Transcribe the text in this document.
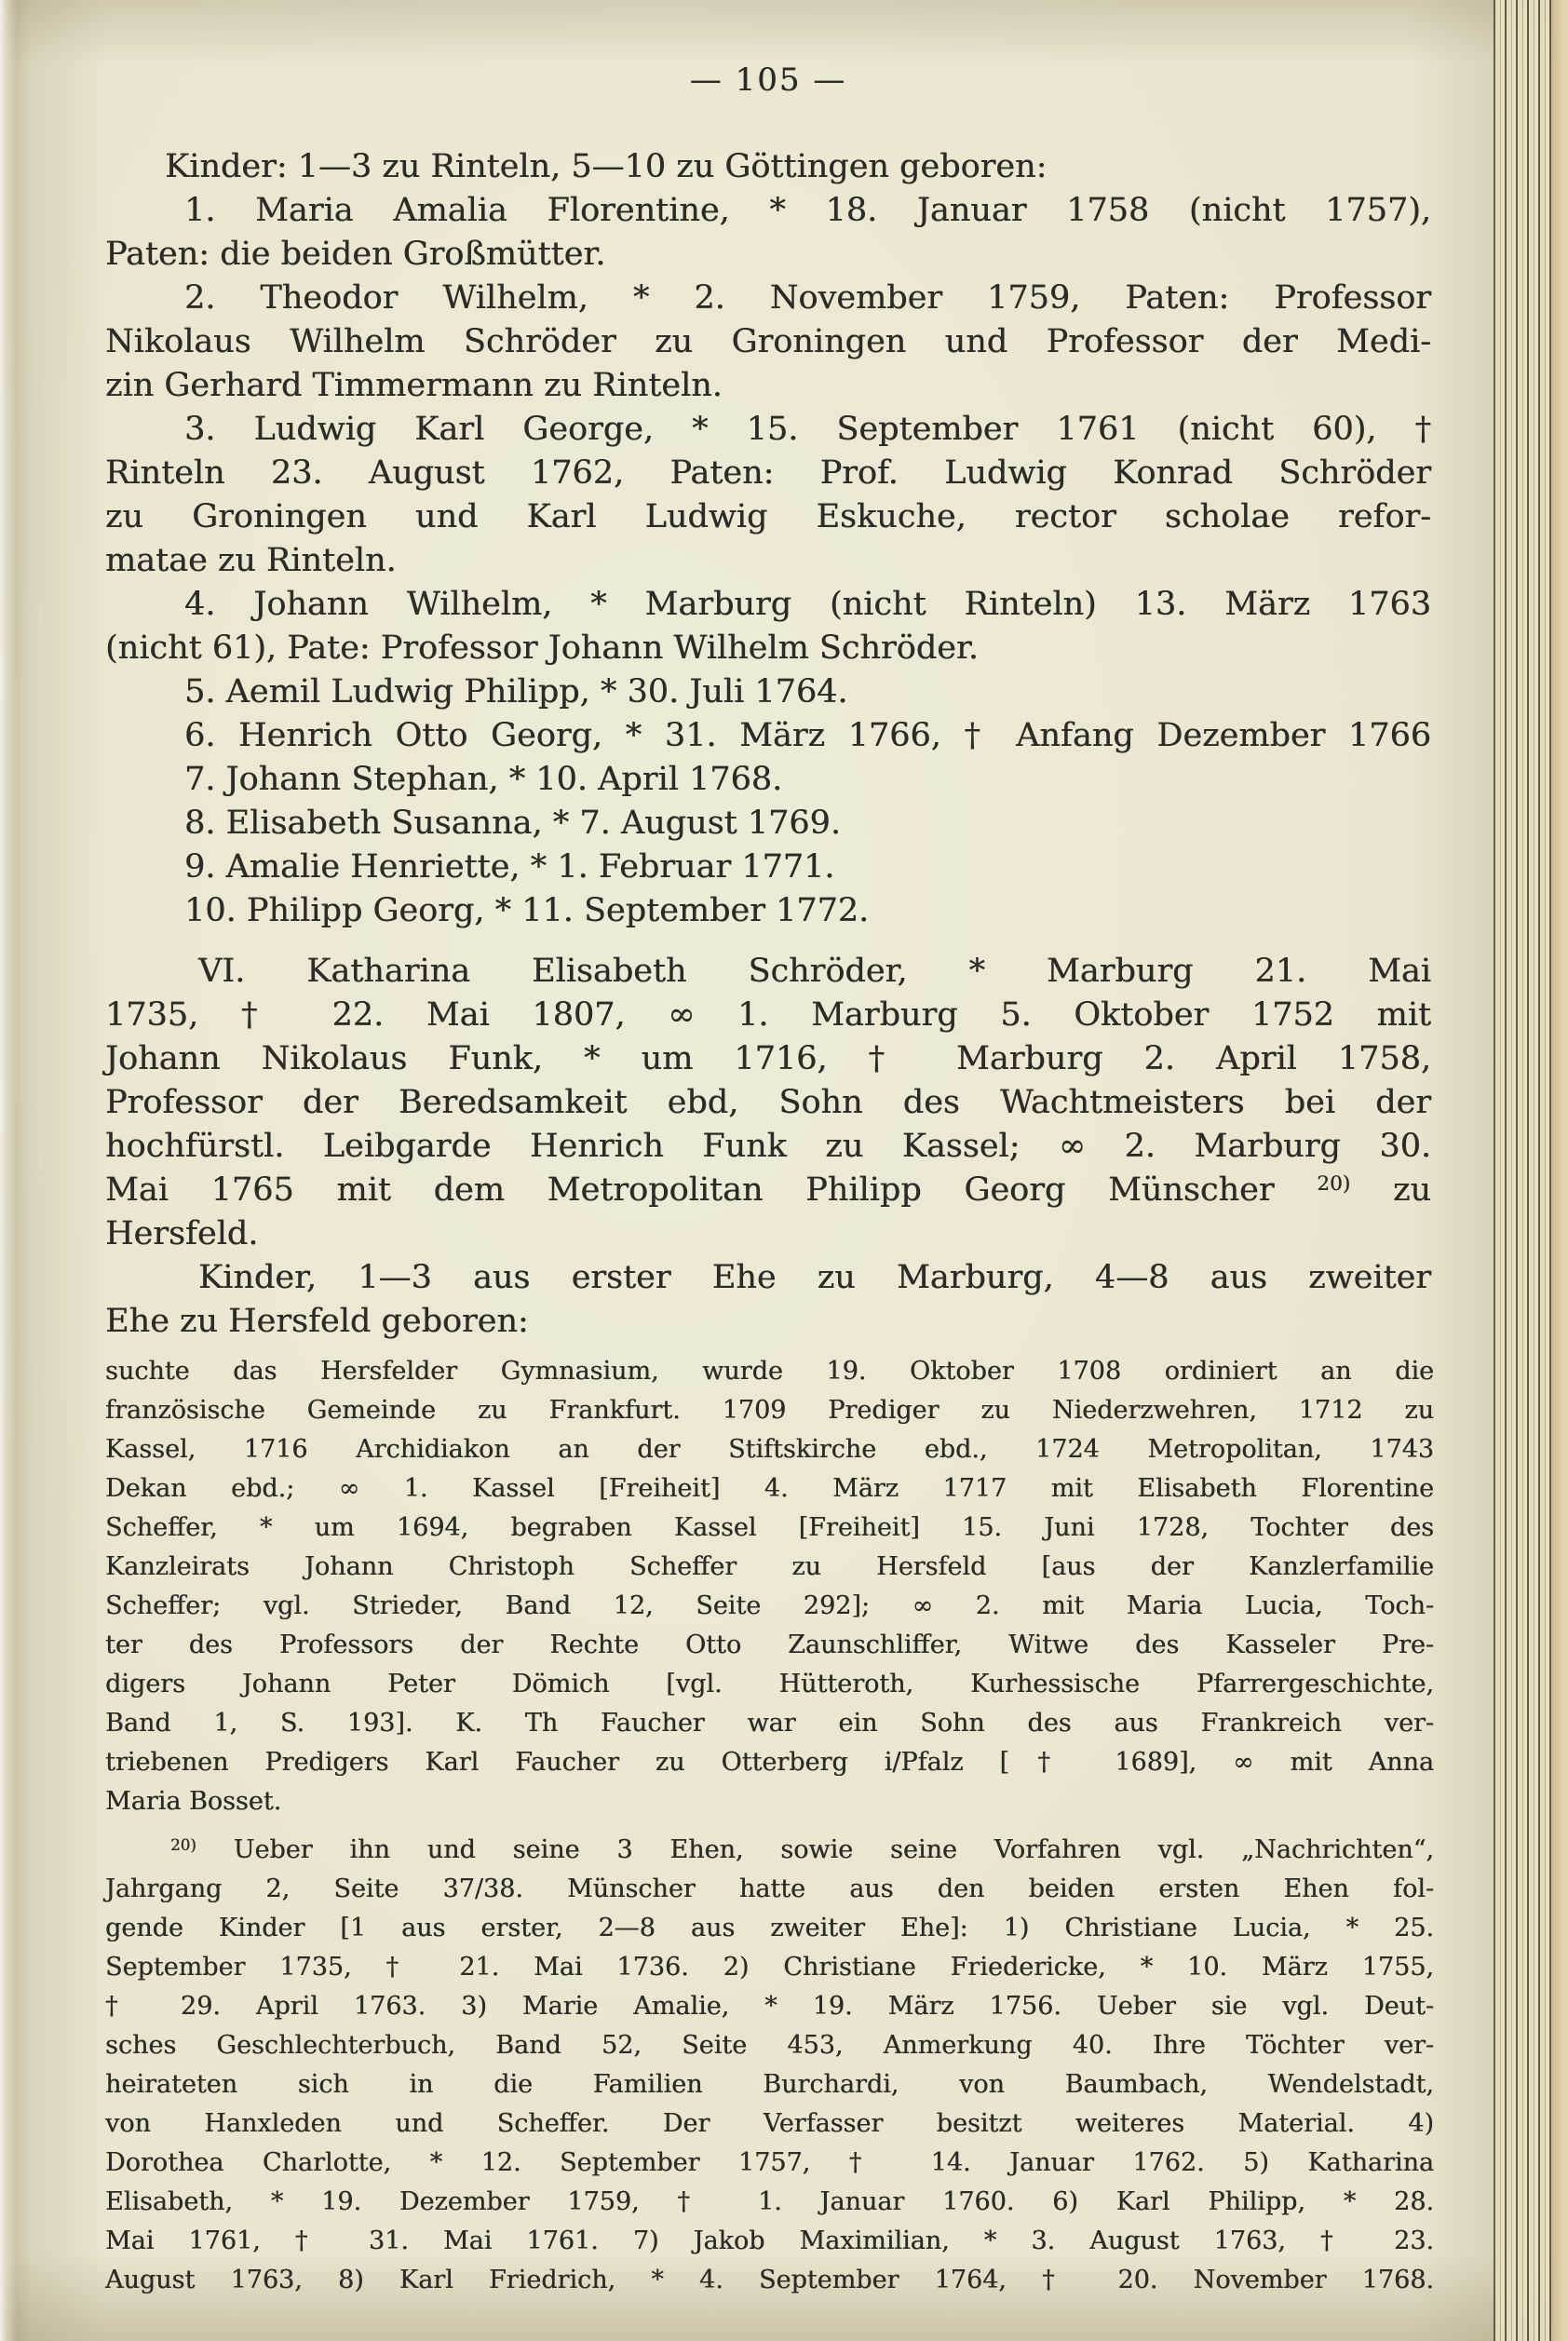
— 105 —
Kinder: 1—3 zu Rinteln, 5—10 zu Göttingen geboren:
1. Maria Amalia Florentine, * 18. Januar 1758 (nicht 1757),
Paten: die beiden Großmütter.
2. Theodor Wilhelm, * 2. November 1759, Paten: Professor
Nikolaus Wilhelm Schröder zu Groningen und Professor der Medi-
zin Gerhard Timmermann zu Rinteln.
3. Ludwig Karl George, * 15. September 1761 (nicht 60), †
Rinteln 23. August 1762, Paten: Prof. Ludwig Konrad Schröder
zu Groningen und Karl Ludwig Eskuche, rector scholae refor-
matae zu Rinteln.
4. Johann Wilhelm, * Marburg (nicht Rinteln) 13. März 1763
(nicht 61), Pate: Professor Johann Wilhelm Schröder.
5. Aemil Ludwig Philipp, * 30. Juli 1764.
6. Henrich Otto Georg, * 31. März 1766, † Anfang Dezember 1766
7. Johann Stephan, * 10. April 1768.
8. Elisabeth Susanna, * 7. August 1769.
9. Amalie Henriette, * 1. Februar 1771.
10. Philipp Georg, * 11. September 1772.
VI. Katharina Elisabeth Schröder, * Marburg 21. Mai
1735, † 22. Mai 1807, ∞ 1. Marburg 5. Oktober 1752 mit
Johann Nikolaus Funk, * um 1716, † Marburg 2. April 1758,
Professor der Beredsamkeit ebd, Sohn des Wachtmeisters bei der
hochfürstl. Leibgarde Henrich Funk zu Kassel; ∞ 2. Marburg 30.
Mai 1765 mit dem Metropolitan Philipp Georg Münscher $^{20)}$ zu
Hersfeld.
Kinder, 1—3 aus erster Ehe zu Marburg, 4—8 aus zweiter
Ehe zu Hersfeld geboren:
suchte das Hersfelder Gymnasium, wurde 19. Oktober 1708 ordiniert an die
französische Gemeinde zu Frankfurt. 1709 Prediger zu Niederzwehren, 1712 zu
Kassel, 1716 Archidiakon an der Stiftskirche ebd., 1724 Metropolitan, 1743
Dekan ebd.; ∞ 1. Kassel [Freiheit] 4. März 1717 mit Elisabeth Florentine
Scheffer, * um 1694, begraben Kassel [Freiheit] 15. Juni 1728, Tochter des
Kanzleirats Johann Christoph Scheffer zu Hersfeld [aus der Kanzlerfamilie
Scheffer; vgl. Strieder, Band 12, Seite 292]; ∞ 2. mit Maria Lucia, Toch-
ter des Professors der Rechte Otto Zaunschliffer, Witwe des Kasseler Pre-
digers Johann Peter Dömich [vgl. Hütteroth, Kurhessische Pfarrergeschichte,
Band 1, S. 193]. K. Th Faucher war ein Sohn des aus Frankreich ver-
triebenen Predigers Karl Faucher zu Otterberg i/Pfalz [† 1689], ∞ mit Anna
Maria Bosset.
$^{20)}$ Ueber ihn und seine 3 Ehen, sowie seine Vorfahren vgl. „Nachrichten“,
Jahrgang 2, Seite 37/38. Münscher hatte aus den beiden ersten Ehen fol-
gende Kinder [1 aus erster, 2—8 aus zweiter Ehe]: 1) Christiane Lucia, * 25.
September 1735, † 21. Mai 1736. 2) Christiane Friedericke, * 10. März 1755,
† 29. April 1763. 3) Marie Amalie, * 19. März 1756. Ueber sie vgl. Deut-
sches Geschlechterbuch, Band 52, Seite 453, Anmerkung 40. Ihre Töchter ver-
heirateten sich in die Familien Burchardi, von Baumbach, Wendelstadt,
von Hanxleden und Scheffer. Der Verfasser besitzt weiteres Material. 4)
Dorothea Charlotte, * 12. September 1757, † 14. Januar 1762. 5) Katharina
Elisabeth, * 19. Dezember 1759, † 1. Januar 1760. 6) Karl Philipp, * 28.
Mai 1761, † 31. Mai 1761. 7) Jakob Maximilian, * 3. August 1763, † 23.
August 1763, 8) Karl Friedrich, * 4. September 1764, † 20. November 1768.
